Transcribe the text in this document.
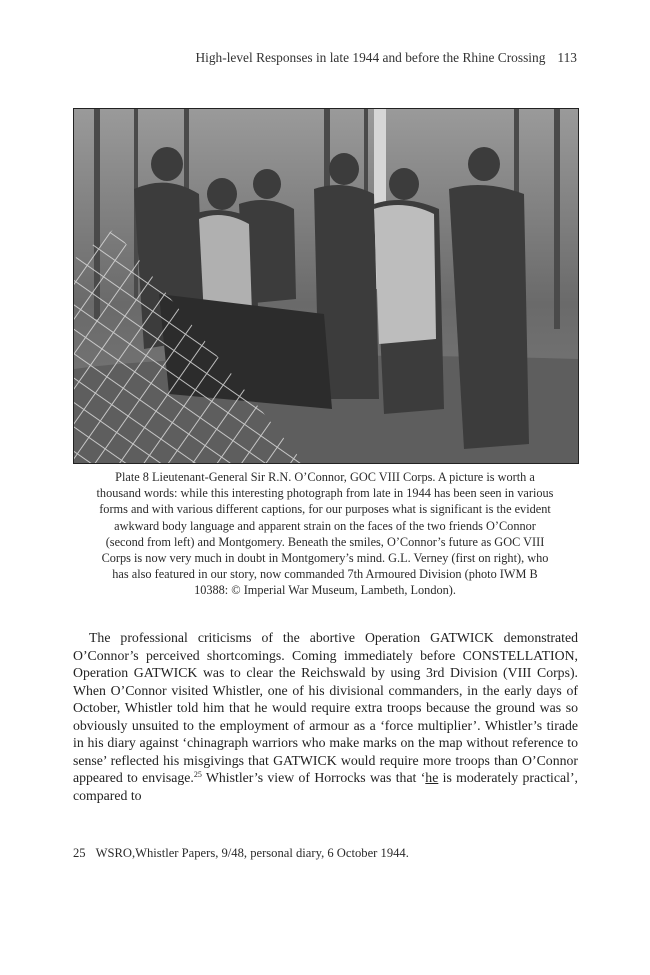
High-level Responses in late 1944 and before the Rhine Crossing 113

Plate 8 Lieutenant-General Sir R.N. O’Connor, GOC VIII Corps. A picture is worth a

thousand words: while this interesting photograph from late in 1944 has been seen in various

forms and with various different captions, for our purposes what is significant is the evident

awkward body language and apparent strain on the faces of the two friends O’Connor

(second from left) and Montgomery. Beneath the smiles, O’Connor’s future as GOC VIII

Corps is now very much in doubt in Montgomery’s mind. G.L. Verney (first on right), who

has also featured in our story, now commanded 7th Armoured Division (photo IWM B

10388: © Imperial War Museum, Lambeth, London).

The professional criticisms of the abortive Operation GATWICK demonstrated O’Connor’s perceived shortcomings. Coming immediately before CONSTELLATION, Operation GATWICK was to clear the Reichswald by using 3rd Division (VIII Corps). When O’Connor visited Whistler, one of his divisional commanders, in the early days of October, Whistler told him that he would require extra troops because the ground was so obviously unsuited to the employment of armour as a ‘force multiplier’. Whistler’s tirade in his diary against ‘chinagraph warriors who make marks on the map without reference to sense’ reflected his misgivings that GATWICK would require more troops than O’Connor appeared to envisage.$^{25}$ Whistler’s view of Horrocks was that ‘he is moderately practical’, compared to

25 WSRO,Whistler Papers, 9/48, personal diary, 6 October 1944.
